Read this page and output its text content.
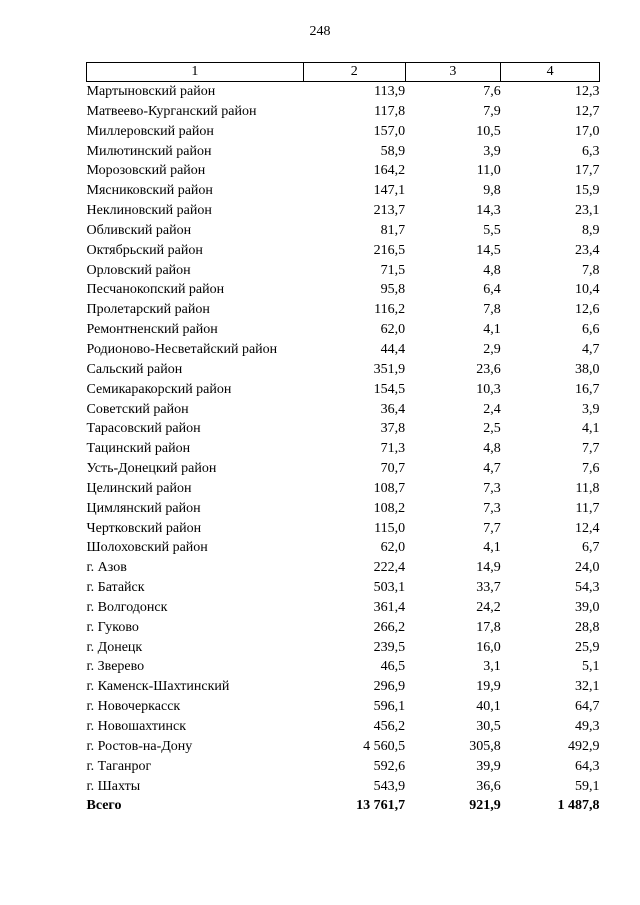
248
1	2	3	4
Мартыновский район	113,9	7,6	12,3
Матвеево-Курганский район	117,8	7,9	12,7
Миллеровский район	157,0	10,5	17,0
Милютинский район	58,9	3,9	6,3
Морозовский район	164,2	11,0	17,7
Мясниковский район	147,1	9,8	15,9
Неклиновский район	213,7	14,3	23,1
Обливский район	81,7	5,5	8,9
Октябрьский район	216,5	14,5	23,4
Орловский район	71,5	4,8	7,8
Песчанокопский район	95,8	6,4	10,4
Пролетарский район	116,2	7,8	12,6
Ремонтненский район	62,0	4,1	6,6
Родионово-Несветайский район	44,4	2,9	4,7
Сальский район	351,9	23,6	38,0
Семикаракорский район	154,5	10,3	16,7
Советский район	36,4	2,4	3,9
Тарасовский район	37,8	2,5	4,1
Тацинский район	71,3	4,8	7,7
Усть-Донецкий район	70,7	4,7	7,6
Целинский район	108,7	7,3	11,8
Цимлянский район	108,2	7,3	11,7
Чертковский район	115,0	7,7	12,4
Шолоховский район	62,0	4,1	6,7
г. Азов	222,4	14,9	24,0
г. Батайск	503,1	33,7	54,3
г. Волгодонск	361,4	24,2	39,0
г. Гуково	266,2	17,8	28,8
г. Донецк	239,5	16,0	25,9
г. Зверево	46,5	3,1	5,1
г. Каменск-Шахтинский	296,9	19,9	32,1
г. Новочеркасск	596,1	40,1	64,7
г. Новошахтинск	456,2	30,5	49,3
г. Ростов-на-Дону	4 560,5	305,8	492,9
г. Таганрог	592,6	39,9	64,3
г. Шахты	543,9	36,6	59,1
Всего	13 761,7	921,9	1 487,8
